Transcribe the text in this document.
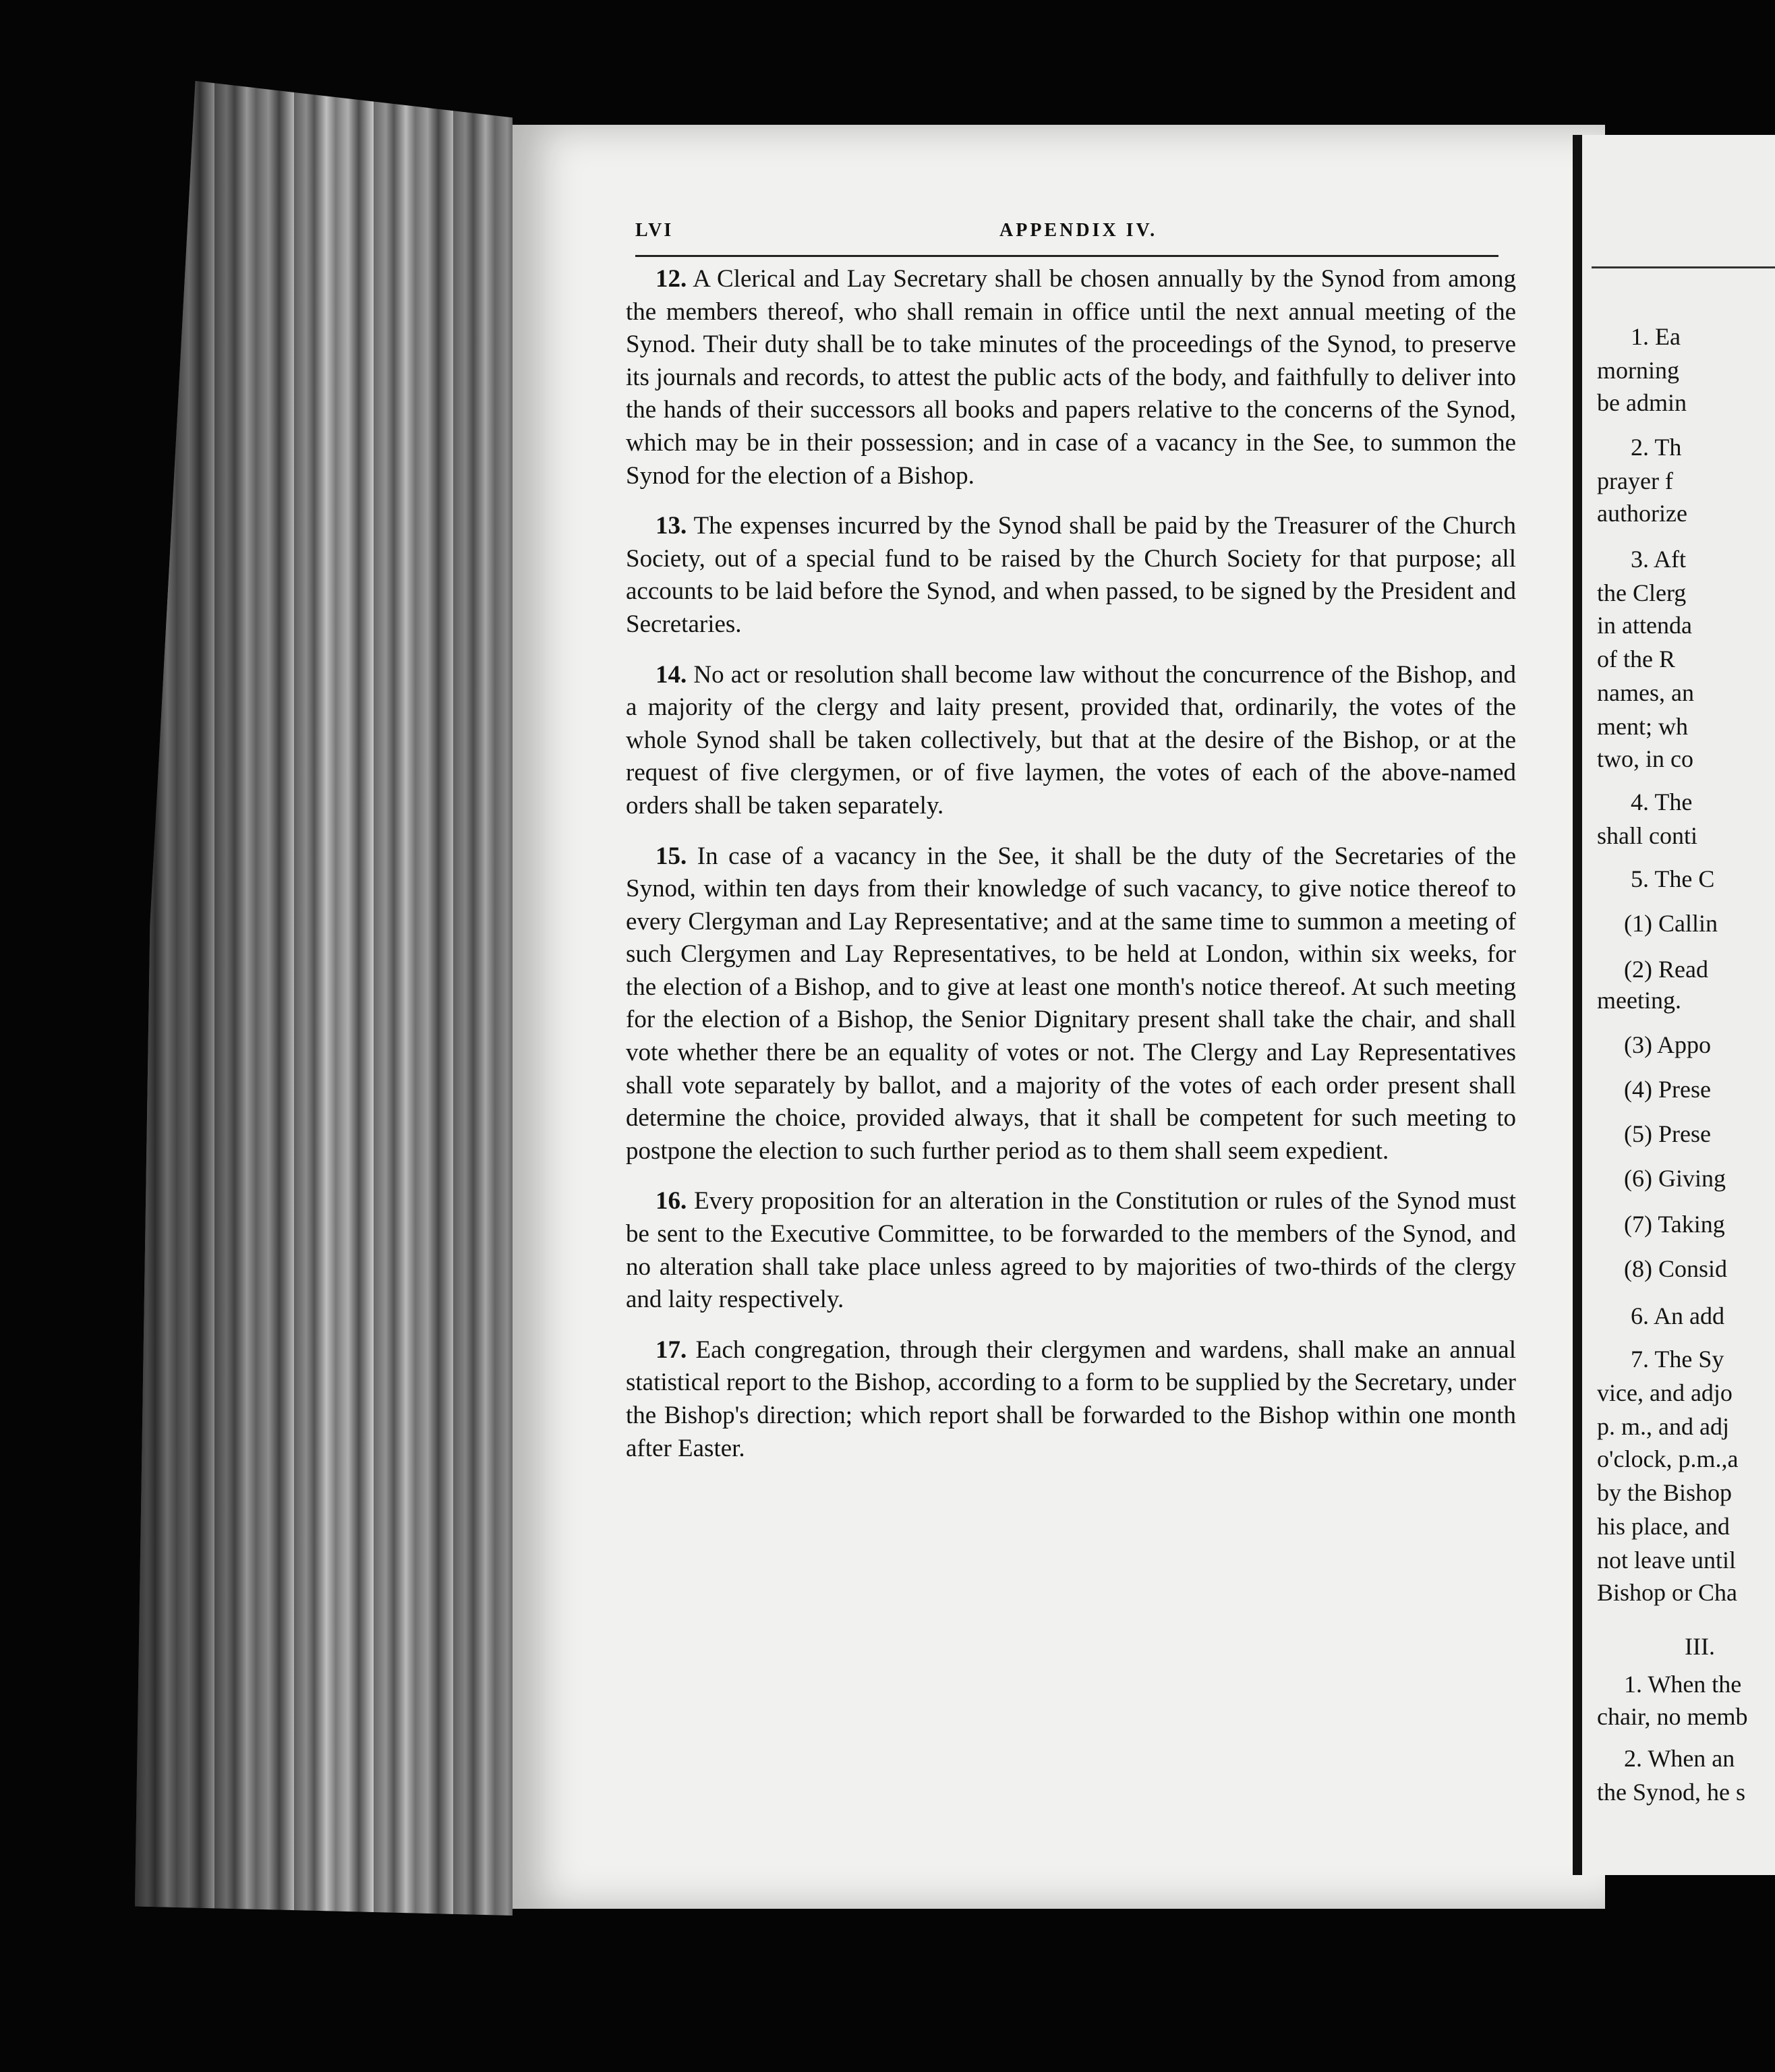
LVI	APPENDIX IV.

12. A Clerical and Lay Secretary shall be chosen annually by the Synod from among the members thereof, who shall remain in office until the next annual meeting of the Synod. Their duty shall be to take minutes of the proceedings of the Synod, to preserve its journals and records, to attest the public acts of the body, and faithfully to deliver into the hands of their successors all books and papers relative to the concerns of the Synod, which may be in their possession; and in case of a vacancy in the See, to summon the Synod for the election of a Bishop.

13. The expenses incurred by the Synod shall be paid by the Treasurer of the Church Society, out of a special fund to be raised by the Church Society for that purpose; all accounts to be laid before the Synod, and when passed, to be signed by the President and Secretaries.

14. No act or resolution shall become law without the concurrence of the Bishop, and a majority of the clergy and laity present, provided that, ordinarily, the votes of the whole Synod shall be taken collectively, but that at the desire of the Bishop, or at the request of five clergymen, or of five laymen, the votes of each of the above-named orders shall be taken separately.

15. In case of a vacancy in the See, it shall be the duty of the Secretaries of the Synod, within ten days from their knowledge of such vacancy, to give notice thereof to every Clergyman and Lay Representative; and at the same time to summon a meeting of such Clergymen and Lay Representatives, to be held at London, within six weeks, for the election of a Bishop, and to give at least one month's notice thereof. At such meeting for the election of a Bishop, the Senior Dignitary present shall take the chair, and shall vote whether there be an equality of votes or not. The Clergy and Lay Representatives shall vote separately by ballot, and a majority of the votes of each order present shall determine the choice, provided always, that it shall be competent for such meeting to postpone the election to such further period as to them shall seem expedient.

16. Every proposition for an alteration in the Constitution or rules of the Synod must be sent to the Executive Committee, to be forwarded to the members of the Synod, and no alteration shall take place unless agreed to by majorities of two-thirds of the clergy and laity respectively.

17. Each congregation, through their clergymen and wardens, shall make an annual statistical report to the Bishop, according to a form to be supplied by the Secretary, under the Bishop's direction; which report shall be forwarded to the Bishop within one month after Easter.

1. Ea
morning
be admin
2. Th
prayer f
authorize
3. Aft
the Clerg
in attenda
of the R
names, an
ment; wh
two, in co
4. The
shall conti
5. The C
(1) Callin
(2) Read
meeting.
(3) Appo
(4) Prese
(5) Prese
(6) Giving
(7) Taking
(8) Consid
6. An add
7. The Sy
vice, and adjo
p. m., and adj
o'clock, p.m.,a
by the Bishop
his place, and
not leave until
Bishop or Cha
III.
1. When the
chair, no memb
2. When an
the Synod, he s
